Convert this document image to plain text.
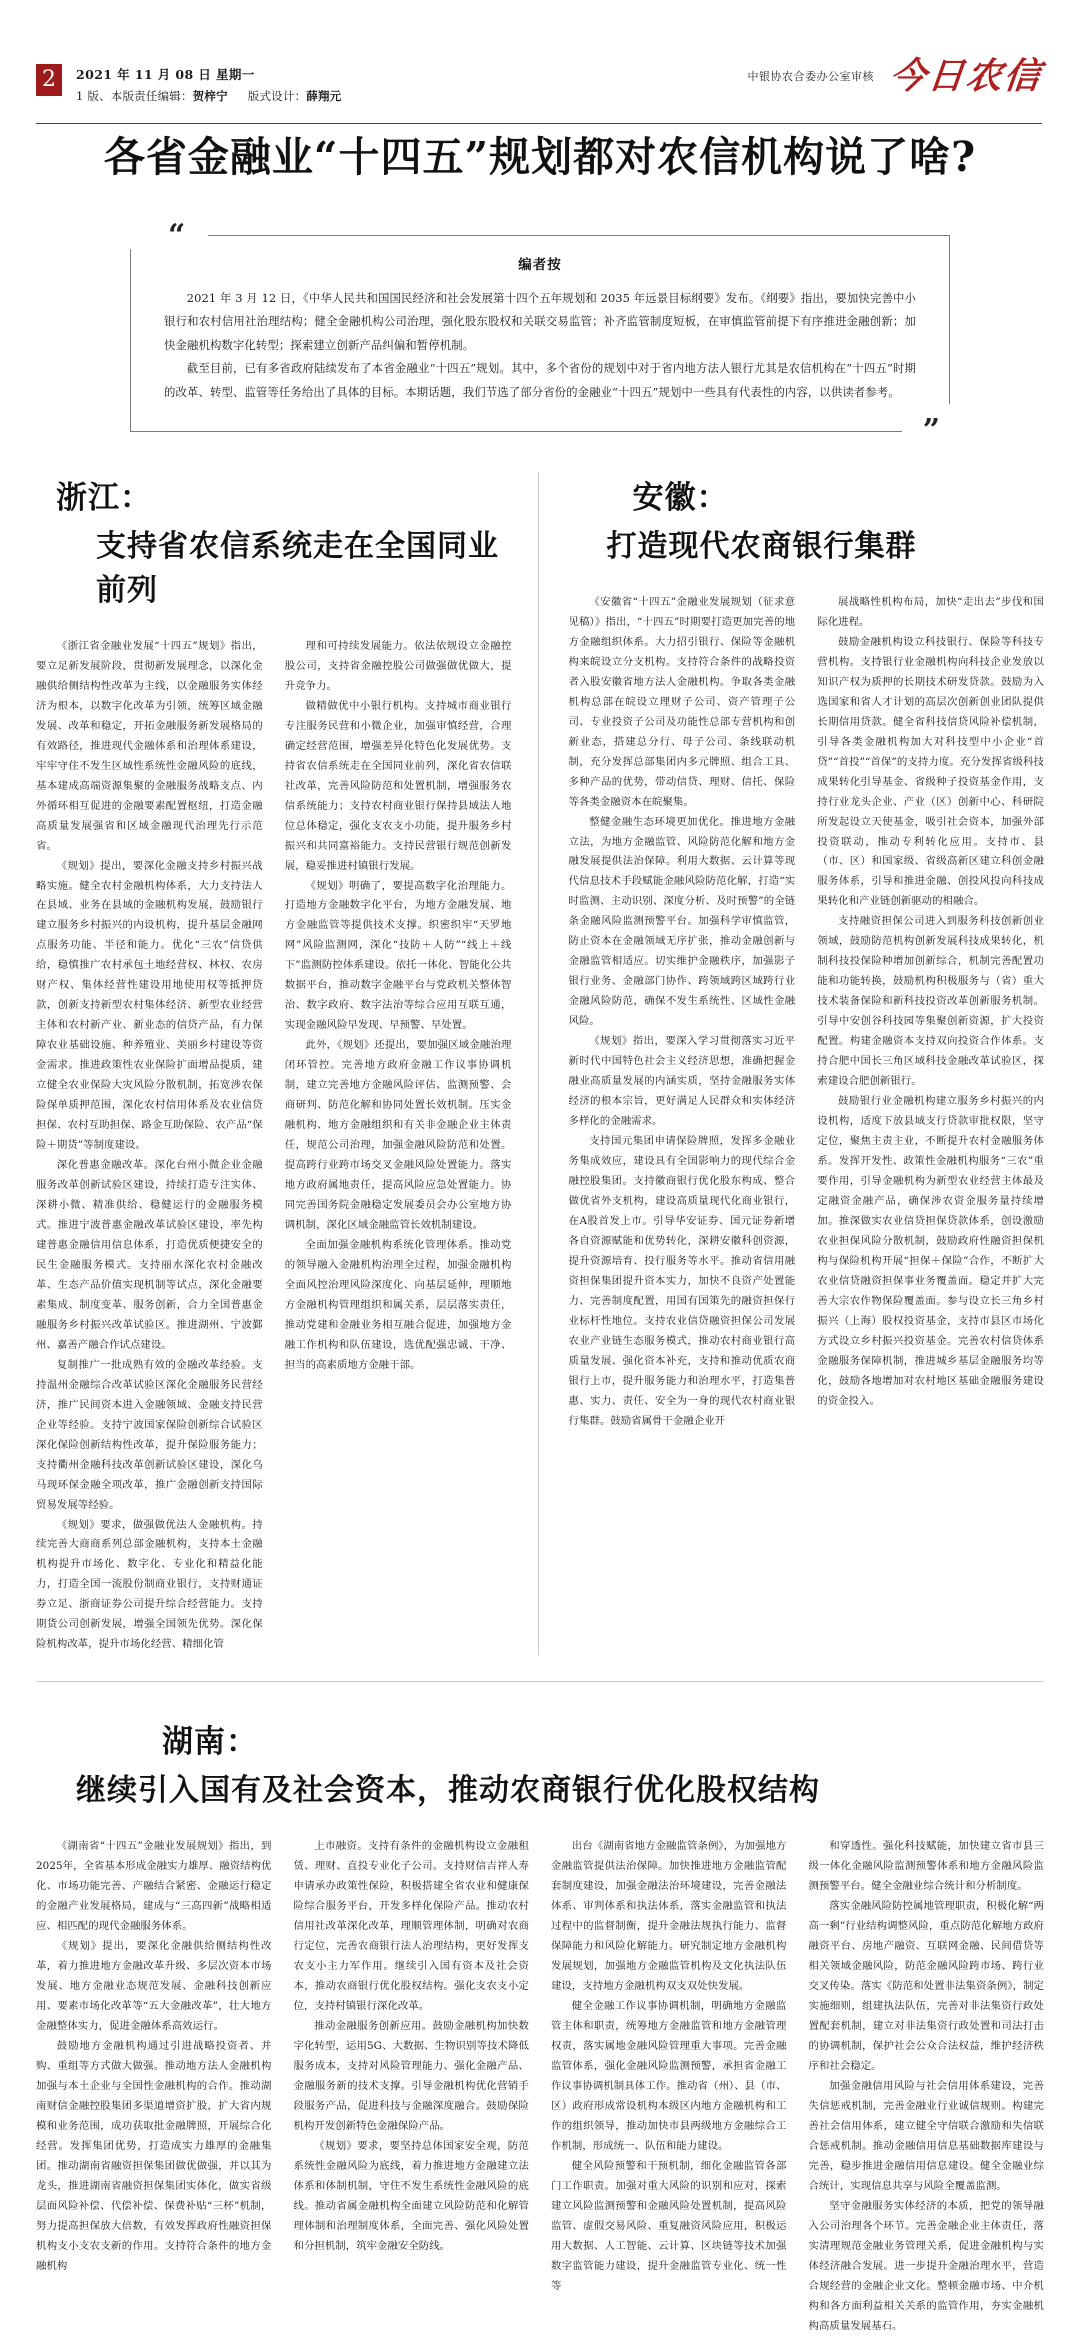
2	2021 年 11 月 08 日 星期一
1 版、本版责任编辑：贺梓宁 版式设计：薛翔元
中银协农合委办公室审核 今日农信
各省金融业“十四五”规划都对农信机构说了啥?
“
”
编者按
2021 年 3 月 12 日，《中华人民共和国国民经济和社会发展第十四个五年规划和 2035 年远景目标纲要》发布。《纲要》指出，要加快完善中小银行和农村信用社治理结构；健全金融机构公司治理，强化股东股权和关联交易监管；补齐监管制度短板，在审慎监管前提下有序推进金融创新；加快金融机构数字化转型；探索建立创新产品纠偏和暂停机制。
截至目前，已有多省政府陆续发布了本省金融业“十四五”规划。其中，多个省份的规划中对于省内地方法人银行尤其是农信机构在“十四五”时期的改革、转型、监管等任务给出了具体的目标。本期话题，我们节选了部分省份的金融业“十四五”规划中一些具有代表性的内容，以供读者参考。
浙江：
支持省农信系统走在全国同业前列

《浙江省金融业发展“十四五”规划》指出，要立足新发展阶段，贯彻新发展理念，以深化金融供给侧结构性改革为主线，以金融服务实体经济为根本，以数字化改革为引领，统筹区域金融发展、改革和稳定，开拓金融服务新发展格局的有效路径，推进现代金融体系和治理体系建设，牢牢守住不发生区域性系统性金融风险的底线，基本建成高端资源集聚的金融服务战略支点、内外循环相互促进的金融要素配置枢纽，打造金融高质量发展强省和区域金融现代治理先行示范省。

《规划》提出，要深化金融支持乡村振兴战略实施。健全农村金融机构体系，大力支持法人在县域、业务在县域的金融机构发展，鼓励银行建立服务乡村振兴的内设机构，提升基层金融网点服务功能、半径和能力。优化“三农”信贷供给，稳慎推广农村承包土地经营权、林权、农房财产权、集体经营性建设用地使用权等抵押贷款，创新支持新型农村集体经济、新型农业经营主体和农村新产业、新业态的信贷产品，有力保障农业基础设施、种养殖业、美丽乡村建设等资金需求。推进政策性农业保险扩面增品提质，建立健全农业保险大灾风险分散机制，拓宽涉农保险保单质押范围，深化农村信用体系及农业信贷担保、农村互助担保、路金互助保险、农产品“保险＋期货”等制度建设。

深化普惠金融改革。深化台州小微企业金融服务改革创新试验区建设，持续打造专注实体、深耕小微、精准供给、稳健运行的金融服务模式。推进宁波普惠金融改革试验区建设，率先构建普惠金融信用信息体系，打造优质便捷安全的民生金融服务模式。支持丽水深化农村金融改革、生态产品价值实现机制等试点，深化金融要素集成、制度变革、服务创新，合力全国普惠金融服务乡村振兴改革试验区。推进湖州、宁波鄞州、嘉善产融合作试点建设。

复制推广一批成熟有效的金融改革经验。支持温州金融综合改革试验区深化金融服务民营经济，推广民间资本进入金融领域、金融支持民营企业等经验。支持宁波国家保险创新综合试验区深化保险创新结构性改革，提升保险服务能力；支持衢州金融科技改革创新试验区建设，深化乌马现环保金融全项改革，推广金融创新支持国际贸易发展等经验。

《规划》要求，做强做优法人金融机构。持续完善大商商系列总部金融机构，支持本土金融机构提升市场化、数字化、专业化和精益化能力，打造全国一流股份制商业银行，支持财通证券立足、浙商证券公司提升综合经营能力。支持期货公司创新发展，增强全国领先优势。深化保险机构改革，提升市场化经营、精细化管

理和可持续发展能力。依法依规设立金融控股公司，支持省金融控股公司做强做优做大，提升竞争力。

做精做优中小银行机构。支持城市商业银行专注服务民营和小微企业，加强审慎经营，合理确定经营范围，增强差异化特色化发展优势。支持省农信系统走在全国同业前列，深化省农信联社改革，完善风险防范和处置机制，增强服务农信系统能力；支持农村商业银行保持县域法人地位总体稳定，强化支农支小功能，提升服务乡村振兴和共同富裕能力。支持民营银行规范创新发展，稳妥推进村镇银行发展。

《规划》明确了，要提高数字化治理能力。打造地方金融数字化平台，为地方金融发展、地方金融监管等提供技术支撑。织密织牢“天罗地网”风险监测网，深化“技防＋人防”“线上＋线下”监测防控体系建设。依托一体化、智能化公共数据平台，推动数字金融平台与党政机关整体智治、数字政府、数字法治等综合应用互联互通，实现金融风险早发现、早预警、早处置。

此外，《规划》还提出，要加强区域金融治理闭环管控。完善地方政府金融工作议事协调机制，建立完善地方金融风险评估、监测预警、会商研判、防范化解和协同处置长效机制。压实金融机构、地方金融组织和有关非金融企业主体责任，规范公司治理，加强金融风险防范和处置。提高跨行业跨市场交叉金融风险处置能力。落实地方政府属地责任，提高风险应急处置能力。协同完善国务院金融稳定发展委员会办公室地方协调机制，深化区域金融监管长效机制建设。

全面加强金融机构系统化管理体系。推动党的领导融入金融机构治理全过程，加强金融机构全面风控治理风险深度化、向基层延伸，理顺地方金融机构管理组织和属关系，层层落实责任，推动党建和金融业务相互融合促进，加强地方金融工作机构和队伍建设，选优配强忠诚、干净、担当的高素质地方金融干部。

安徽：
打造现代农商银行集群

《安徽省“十四五”金融业发展规划（征求意见稿）》指出，“十四五”时期要打造更加完善的地方金融组织体系。大力招引银行、保险等金融机构来皖设立分支机构。支持符合条件的战略投资者入股安徽省地方法人金融机构。争取各类金融机构总部在皖设立理财子公司、资产管理子公司、专业投资子公司及功能性总部专营机构和创新业态，搭建总分行、母子公司、条线联动机制，充分发挥总部集团内多元牌照、组合工具、多种产品的优势，带动信贷、理财、信托、保险等各类金融资本在皖聚集。

整健金融生态环境更加优化。推进地方金融立法，为地方金融监管、风险防范化解和地方金融发展提供法治保障。利用大数据、云计算等现代信息技术手段赋能金融风险防范化解，打造“实时监测、主动识别、深度分析、及时预警”的全链条金融风险监测预警平台。加强科学审慎监管，防止资本在金融领域无序扩张，推动金融创新与金融监管相适应。切实维护金融秩序，加强影子银行业务、金融部门协作、跨领域跨区域跨行业金融风险防范，确保不发生系统性、区域性金融风险。

《规划》指出，要深入学习贯彻落实习近平新时代中国特色社会主义经济思想，准确把握金融业高质量发展的内涵实质，坚持金融服务实体经济的根本宗旨，更好满足人民群众和实体经济多样化的金融需求。

支持国元集团申请保险牌照，发挥多金融业务集成效应，建设具有全国影响力的现代综合金融控股集团。支持徽商银行优化股东构成、整合做优省外支机构，建设高质量现代化商业银行，在A股首发上市。引导华安证券、国元证券新增各自资源赋能和优势转化，深耕安徽科创资源，提升资源培育、投行服务等水平。推动省信用融资担保集团提升资本实力，加快不良资产处置能力、完善制度配置，用国有国策先的融资担保行业标杆性地位。支持农业信贷融资担保公司发展农业产业链生态服务模式，推动农村商业银行高质量发展、强化资本补充，支持和推动优质农商银行上市，提升服务能力和治理水平，打造集普惠、实力、责任、安全为一身的现代农村商业银行集群。鼓励省属骨干金融企业开

展战略性机构布局，加快“走出去”步伐和国际化进程。

鼓励金融机构设立科技银行、保险等科技专营机构。支持银行业金融机构向科技企业发放以知识产权为质押的长期技术研发贷款。鼓励为入选国家和省人才计划的高层次创新创业团队提供长期信用贷款。健全省科技信贷风险补偿机制，引导各类金融机构加大对科技型中小企业“首贷”“首投”“首保”的支持力度。充分发挥省级科技成果转化引导基金、省级种子投资基金作用，支持行业龙头企业、产业（区）创新中心、科研院所发起设立天使基金，吸引社会资本，加强外部投资联动，推动专利转化应用。支持市、县（市、区）和国家级、省级高新区建立科创金融服务体系，引导和推进金融、创投风投向科技成果转化和产业链创新驱动的相融合。

支持融资担保公司进入到服务科技创新创业领域，鼓励防范机构创新发展科技成果转化，机制科技投保险种增加创新综合，机制完善配置功能和功能转换，鼓励机构积极服务与（省）重大技术装备保险和新科技投资改革创新服务机制。引导中安创谷科技园等集聚创新资源，扩大投资配置。构建金融资本支持双向投资合作体系。支持合肥中国长三角区域科技金融改革试验区，探索建设合肥创新银行。

鼓励银行业金融机构建立服务乡村振兴的内设机构，适度下放县域支行贷款审批权限，坚守定位，聚焦主责主业，不断提升农村金融服务体系。发挥开发性、政策性金融机构服务“三农”重要作用，引导金融机构为新型农业经营主体最及定融资金融产品，确保涉农资金服务量持续增加。推深做实农业信贷担保贷款体系，创设激励农业担保风险分散机制，鼓励政府性融资担保机构与保险机构开展“担保＋保险”合作，不断扩大农业信贷融资担保事业务覆盖面。稳定并扩大完善大宗农作物保险覆盖面。参与设立长三角乡村振兴（上海）股权投资基金，支持市县区市场化方式设立乡村振兴投资基金。完善农村信贷体系金融服务保障机制，推进城乡基层金融服务均等化，鼓励各地增加对农村地区基础金融服务建设的资金投入。

湖南：
继续引入国有及社会资本，推动农商银行优化股权结构

《湖南省“十四五”金融业发展规划》指出，到2025年，全省基本形成金融实力雄厚、融资结构优化、市场功能完善、产融结合紧密、金融运行稳定的金融产业发展格局，建成与“三高四新”战略相适应、相匹配的现代金融服务体系。

《规划》提出，要深化金融供给侧结构性改革，着力推进地方金融改革升级、多层次资本市场发展、地方金融业态规范发展、金融科技创新应用、要素市场化改革等“五大金融改革”，壮大地方金融整体实力，促进金融体系高效运行。

鼓励地方金融机构通过引进战略投资者、并购、重组等方式做大做强。推动地方法人金融机构加强与本土企业与全国性金融机构的合作。推动湖南财信金融控股集团多渠道增资扩股，扩大省内规模和业务范围，成功获取批金融牌照，开展综合化经营。发挥集团优势，打造成实力雄厚的金融集团。推动湖南省融资担保集团做优做强，并以其为龙头，推进湖南省融资担保集团实体化，做实省级层面风险补偿、代偿补偿、保费补贴“三杯”机制，努力提高担保放大倍数，有效发挥政府性融资担保机构支小支农支新的作用。支持符合条件的地方金融机构

上市融资。支持有条件的金融机构设立金融租赁、理财、直投专业化子公司。支持财信吉祥人寿申请承办政策性保险，积极搭建全省农业和健康保险综合服务平台，开发多样化保险产品。推动农村信用社改革深化改革，理顺管理体制，明确对农商行定位，完善农商银行法人治理结构，更好发挥支农支小主力军作用。继续引入国有资本及社会资本，推动农商银行优化股权结构。强化支农支小定位，支持村镇银行深化改革。

推动金融服务创新应用。鼓励金融机构加快数字化转型，运用5G、大数据、生物识别等技术降低服务成本，支持对风险管理能力、强化金融产品、金融服务新的技术支撑。引导金融机构优化营销手段服务产品，促进科技与金融深度融合。鼓励保险机构开发创新特色金融保险产品。

《规划》要求，要坚持总体国家安全观，防范系统性金融风险为底线，着力推进地方金融建立法体系和体制机制，守住不发生系统性金融风险的底线。推动省属金融机构全面建立风险防范和化解管理体制和治理制度体系，全面完善、强化风险处置和分担机制，筑牢金融安全防线。

出台《湖南省地方金融监管条例》，为加强地方金融监管提供法治保障。加快推进地方金融监管配套制度建设，加强金融法治环境建设，完善金融法体系、审判体系和执法体系，落实金融监管和执法过程中的监督制衡，提升金融法规执行能力、监督保障能力和风险化解能力。研究制定地方金融机构发展规划，加强地方金融监管机构及文化执法队伍建设，支持地方金融机构双支双处快发展。

健全金融工作议事协调机制，明确地方金融监管主体和职责，统筹地方金融监管和地方金融管理权责，落实属地金融风险管理重大事项。完善金融监管体系，强化金融风险监测预警，承担省金融工作议事协调机制具体工作。推动省（州）、县（市、区）政府形成常设机构本级区内地方金融机构和工作的组织领导，推动加快市县两级地方金融综合工作机制，形成统一、队伍和能力建设。

健全风险预警和干预机制，细化金融监管各部门工作职责。加强对重大风险的识别和应对，探索建立风险监测预警和金融风险处置机制，提高风险监管、虚假交易风险、重复融资风险应用，积极运用大数据、人工智能、云计算、区块链等技术加强数字监管能力建设，提升金融监管专业化、统一性等

和穿透性。强化科技赋能，加快建立省市县三级一体化金融风险监测预警体系和地方金融风险监测预警平台。健全金融业综合统计和分析制度。

落实金融风险防控属地管理职责，积极化解“两高一剩”行业结构调整风险，重点防范化解地方政府融资平台、房地产融资、互联网金融、民间借贷等相关领域金融风险，防范金融风险跨市场、跨行业交叉传染。落实《防范和处置非法集资条例》，制定实施细则，组建执法队伍，完善对非法集资行政处置配套机制，建立对非法集资行政处置和司法打击的协调机制，保护社会公众合法权益，维护经济秩序和社会稳定。

加强金融信用风险与社会信用体系建设，完善失信惩戒机制，完善金融业行业诚信规则。构建完善社会信用体系，建立健全守信联合激励和失信联合惩戒机制。推动金融信用信息基础数据库建设与完善，稳步推进金融信用信息建设。健全金融业综合统计，实现信息共享与风险全覆盖监测。

坚守金融服务实体经济的本质，把党的领导融入公司治理各个环节。完善金融企业主体责任，落实清理规范金融业务管理关系，促进金融机构与实体经济融合发展。进一步提升金融治理水平，营造合规经营的金融企业文化。整顿金融市场、中介机构和各方面利益相关关系的监管作用，夯实金融机构高质量发展基石。
